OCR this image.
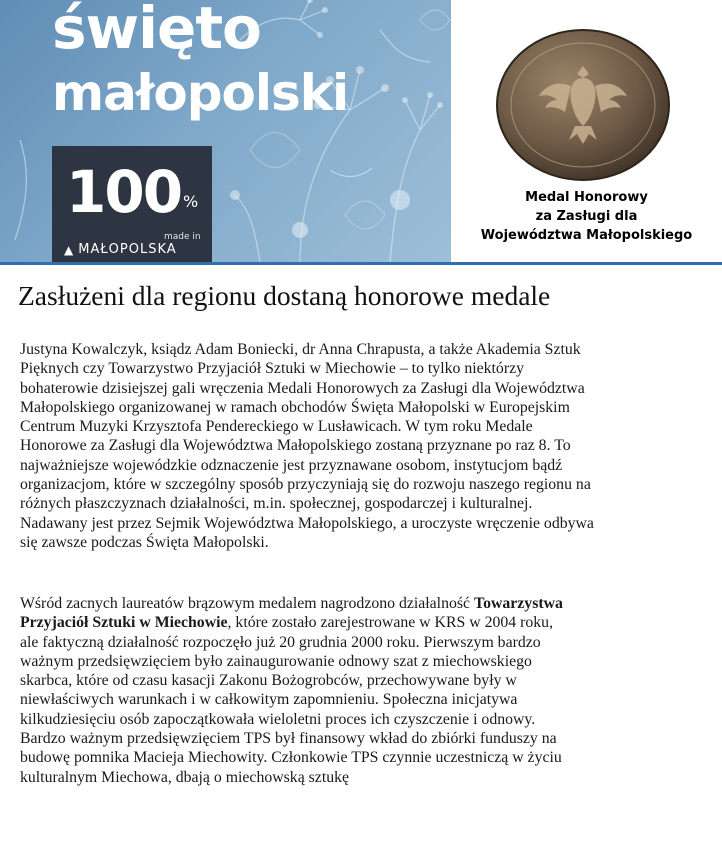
święto
małopolski
100 %
made in
▲ MAŁOPOLSKA
Medal Honorowy
za Zasługi dla
Województwa Małopolskiego
Zasłużeni dla regionu dostaną honorowe medale

Justyna Kowalczyk, ksiądz Adam Boniecki, dr Anna Chrapusta, a także Akademia Sztuk
Pięknych czy Towarzystwo Przyjaciół Sztuki w Miechowie – to tylko niektórzy
bohaterowie dzisiejszej gali wręczenia Medali Honorowych za Zasługi dla Województwa
Małopolskiego organizowanej w ramach obchodów Święta Małopolski w Europejskim
Centrum Muzyki Krzysztofa Pendereckiego w Lusławicach. W tym roku Medale
Honorowe za Zasługi dla Województwa Małopolskiego zostaną przyznane po raz 8. To
najważniejsze wojewódzkie odznaczenie jest przyznawane osobom, instytucjom bądź
organizacjom, które w szczególny sposób przyczyniają się do rozwoju naszego regionu na
różnych płaszczyznach działalności, m.in. społecznej, gospodarczej i kulturalnej.
Nadawany jest przez Sejmik Województwa Małopolskiego, a uroczyste wręczenie odbywa
się zawsze podczas Święta Małopolski.

Wśród zacnych laureatów brązowym medalem nagrodzono działalność Towarzystwa
Przyjaciół Sztuki w Miechowie, które zostało zarejestrowane w KRS w 2004 roku,
ale faktyczną działalność rozpoczęło już 20 grudnia 2000 roku. Pierwszym bardzo
ważnym przedsięwzięciem było zainaugurowanie odnowy szat z miechowskiego
skarbca, które od czasu kasacji Zakonu Bożogrobców, przechowywane były w
niewłaściwych warunkach i w całkowitym zapomnieniu. Społeczna inicjatywa
kilkudziesięciu osób zapoczątkowała wieloletni proces ich czyszczenie i odnowy.
Bardzo ważnym przedsięwzięciem TPS był finansowy wkład do zbiórki funduszy na
budowę pomnika Macieja Miechowity. Członkowie TPS czynnie uczestniczą w życiu
kulturalnym Miechowa, dbają o miechowską sztukę
